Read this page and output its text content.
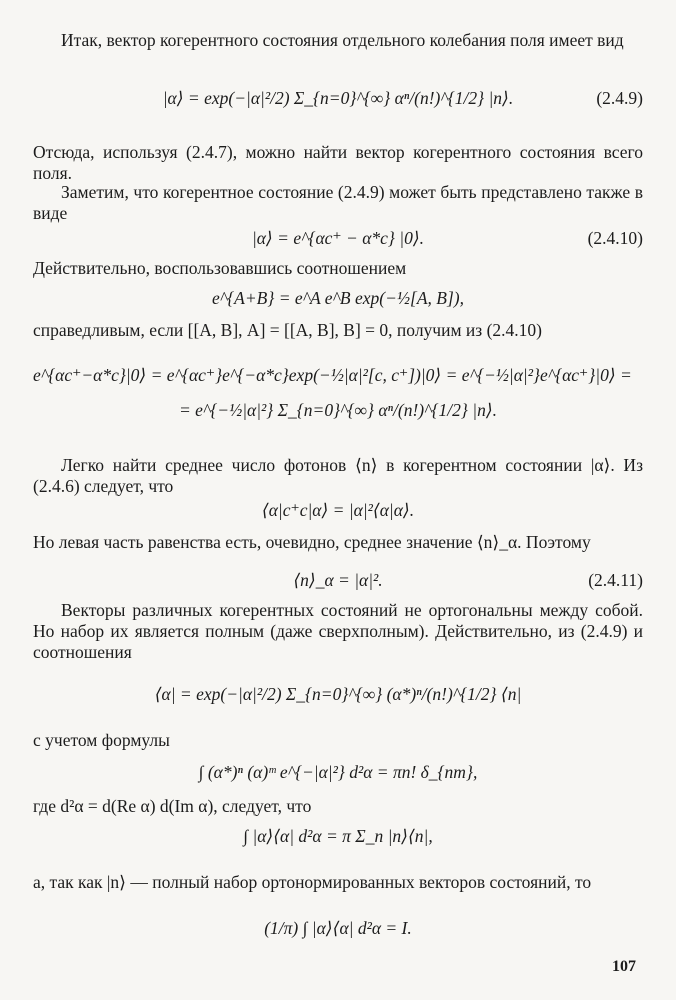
Итак, вектор когерентного состояния отдельного колебания поля имеет вид
|α⟩ = exp(−|α|²/2) Σ_{n=0}^{∞} αⁿ/(n!)^{1/2} |n⟩.	(2.4.9)
Отсюда, используя (2.4.7), можно найти вектор когерентного состояния всего поля.
Заметим, что когерентное состояние (2.4.9) может быть представлено также в виде
|α⟩ = e^{αc⁺ − α*c} |0⟩.	(2.4.10)
Действительно, воспользовавшись соотношением
e^{A+B} = e^A e^B exp(−½[A, B]),
справедливым, если [[A, B], A] = [[A, B], B] = 0, получим из (2.4.10)
e^{αc⁺−α*c}|0⟩ = e^{αc⁺}e^{−α*c}exp(−½|α|²[c, c⁺])|0⟩ = e^{−½|α|²}e^{αc⁺}|0⟩ =
= e^{−½|α|²} Σ_{n=0}^{∞} αⁿ/(n!)^{1/2} |n⟩.
Легко найти среднее число фотонов ⟨n⟩ в когерентном состоянии |α⟩. Из (2.4.6) следует, что
⟨α|c⁺c|α⟩ = |α|²⟨α|α⟩.
Но левая часть равенства есть, очевидно, среднее значение ⟨n⟩_α. Поэтому
⟨n⟩_α = |α|².	(2.4.11)
Векторы различных когерентных состояний не ортогональны между собой. Но набор их является полным (даже сверхполным). Действительно, из (2.4.9) и соотношения
⟨α| = exp(−|α|²/2) Σ_{n=0}^{∞} (α*)ⁿ/(n!)^{1/2} ⟨n|
с учетом формулы
∫ (α*)ⁿ (α)ᵐ e^{−|α|²} d²α = πn! δ_{nm},
где d²α = d(Re α) d(Im α), следует, что
∫ |α⟩⟨α| d²α = π Σ_n |n⟩⟨n|,
а, так как |n⟩ — полный набор ортонормированных векторов состояний, то
(1/π) ∫ |α⟩⟨α| d²α = I.
107
